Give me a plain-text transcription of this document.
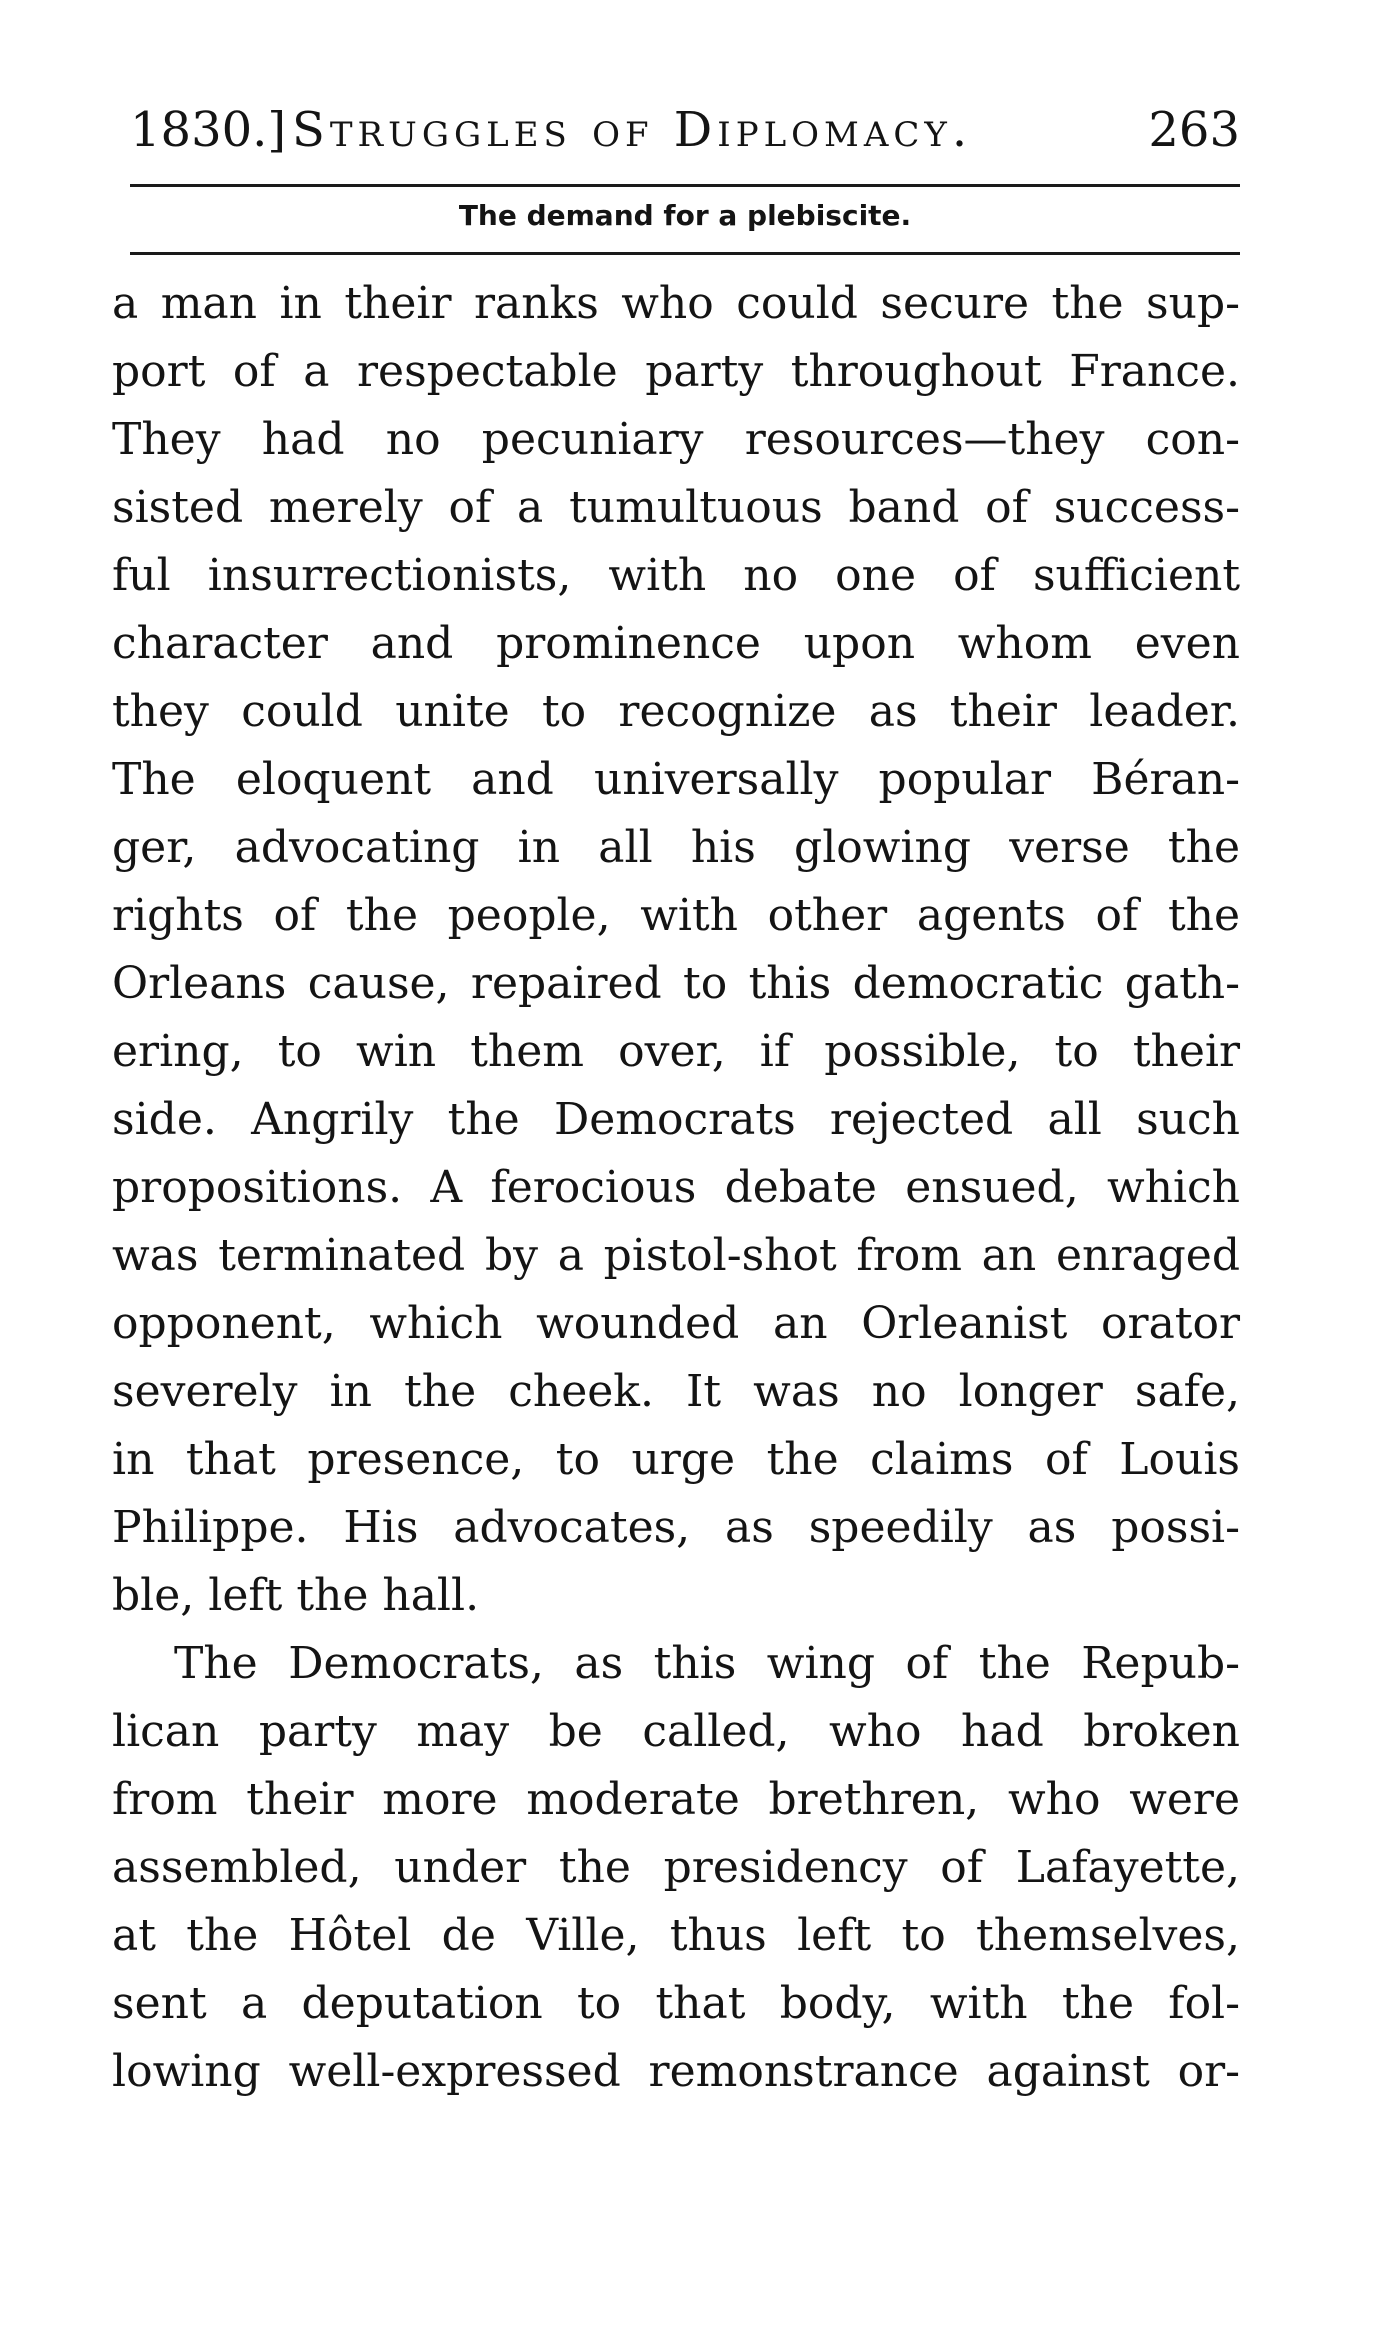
1830.] Struggles of Diplomacy.	263
The demand for a plebiscite.
a man in their ranks who could secure the sup-
port of a respectable party throughout France.
They had no pecuniary resources—they con-
sisted merely of a tumultuous band of success-
ful insurrectionists, with no one of sufficient
character and prominence upon whom even
they could unite to recognize as their leader.
The eloquent and universally popular Béran-
ger, advocating in all his glowing verse the
rights of the people, with other agents of the
Orleans cause, repaired to this democratic gath-
ering, to win them over, if possible, to their
side. Angrily the Democrats rejected all such
propositions. A ferocious debate ensued, which
was terminated by a pistol-shot from an enraged
opponent, which wounded an Orleanist orator
severely in the cheek. It was no longer safe,
in that presence, to urge the claims of Louis
Philippe. His advocates, as speedily as possi-
ble, left the hall.
The Democrats, as this wing of the Repub-
lican party may be called, who had broken
from their more moderate brethren, who were
assembled, under the presidency of Lafayette,
at the Hôtel de Ville, thus left to themselves,
sent a deputation to that body, with the fol-
lowing well-expressed remonstrance against or-
